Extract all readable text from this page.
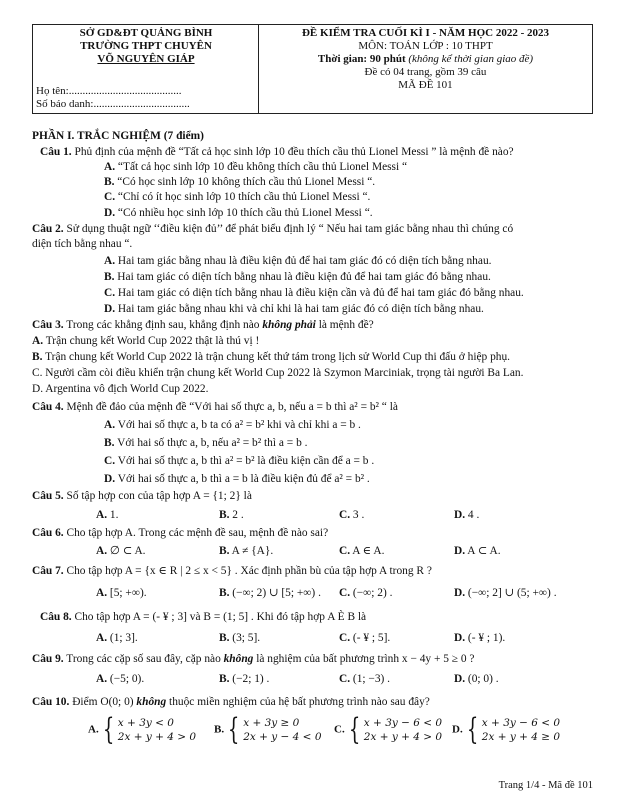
SỞ GD&ĐT QUẢNG BÌNH
TRƯỜNG THPT CHUYÊN
VÕ NGUYÊN GIÁP
Họ tên:.........................................
Số báo danh:...................................
ĐỀ KIỂM TRA CUỐI KÌ I - NĂM HỌC 2022 - 2023
MÔN: TOÁN LỚP : 10 THPT
Thời gian: 90 phút (không kể thời gian giao đề)
Đề có 04 trang, gồm 39 câu
MÃ ĐỀ 101
PHẦN I. TRẮC NGHIỆM (7 điểm)
Câu 1. Phủ định của mệnh đề “Tất cả học sinh lớp 10 đều thích cầu thủ Lionel Messi ” là mệnh đề nào?
A. “Tất cả học sinh lớp 10 đều không thích cầu thủ Lionel Messi “
B. “Có học sinh lớp 10 không thích cầu thủ Lionel Messi “.
C. “Chỉ có ít học sinh lớp 10 thích cầu thủ Lionel Messi “.
D. “Có nhiều học sinh lớp 10 thích cầu thủ Lionel Messi “.
Câu 2. Sử dụng thuật ngữ ‘‘điều kiện đủ’’ để phát biểu định lý “ Nếu hai tam giác bằng nhau thì chúng có
diện tích bằng nhau “.
A. Hai tam giác bằng nhau là điều kiện đủ để hai tam giác đó có diện tích bằng nhau.
B. Hai tam giác có diện tích bằng nhau là điều kiện đủ để hai tam giác đó bằng nhau.
C. Hai tam giác có diện tích bằng nhau là điều kiện cần và đủ để hai tam giác đó bằng nhau.
D. Hai tam giác bằng nhau khi và chỉ khi là hai tam giác đó có diện tích bằng nhau.
Câu 3. Trong các khẳng định sau, khẳng định nào không phải là mệnh đề?
A. Trận chung kết World Cup 2022 thật là thú vị !
B. Trận chung kết World Cup 2022 là trận chung kết thứ tám trong lịch sử World Cup thi đấu ở hiệp phụ.
C. Người cầm còi điều khiển trận chung kết World Cup 2022 là Szymon Marciniak, trọng tài người Ba Lan.
D. Argentina vô địch World Cup 2022.
Câu 4. Mệnh đề đảo của mệnh đề “Với hai số thực a, b, nếu a = b thì a² = b² “ là
A. Với hai số thực a, b ta có a² = b² khi và chỉ khi a = b .
B. Với hai số thực a, b, nếu a² = b² thì a = b .
C. Với hai số thực a, b thì a² = b² là điều kiện cần để a = b .
D. Với hai số thực a, b thì a = b là điều kiện đủ để a² = b² .
Câu 5. Số tập hợp con của tập hợp A = {1; 2} là
A. 1.	B. 2 .	C. 3 .	D. 4 .
Câu 6. Cho tập hợp A. Trong các mệnh đề sau, mệnh đề nào sai?
A. ∅ ⊂ A.	B. A ≠ {A}.	C. A ∈ A.	D. A ⊂ A.
Câu 7. Cho tập hợp A = {x ∈ R | 2 ≤ x < 5} . Xác định phần bù của tập hợp A trong R ?
A. [5; +∞).	B. (−∞; 2) ∪ [5; +∞) . C. (−∞; 2) .	D. (−∞; 2] ∪ (5; +∞) .
Câu 8. Cho tập hợp A = (- ¥ ; 3] và B = (1; 5] . Khi đó tập hợp A È B là
A. (1; 3].	B. (3; 5].	C. (- ¥ ; 5].	D. (- ¥ ; 1).
Câu 9. Trong các cặp số sau đây, cặp nào không là nghiệm của bất phương trình x − 4y + 5 ≥ 0 ?
A. (−5; 0).	B. (−2; 1) .	C. (1; −3) .	D. (0; 0) .
Câu 10. Điểm O(0; 0) không thuộc miền nghiệm của hệ bất phương trình nào sau đây?
A. { x + 3y < 0
2x + y + 4 > 0
B. { x + 3y ≥ 0
2x + y − 4 < 0
C. { x + 3y − 6 < 0
2x + y + 4 > 0
D. { x + 3y − 6 < 0
2x + y + 4 ≥ 0
Trang 1/4 - Mã đề 101
